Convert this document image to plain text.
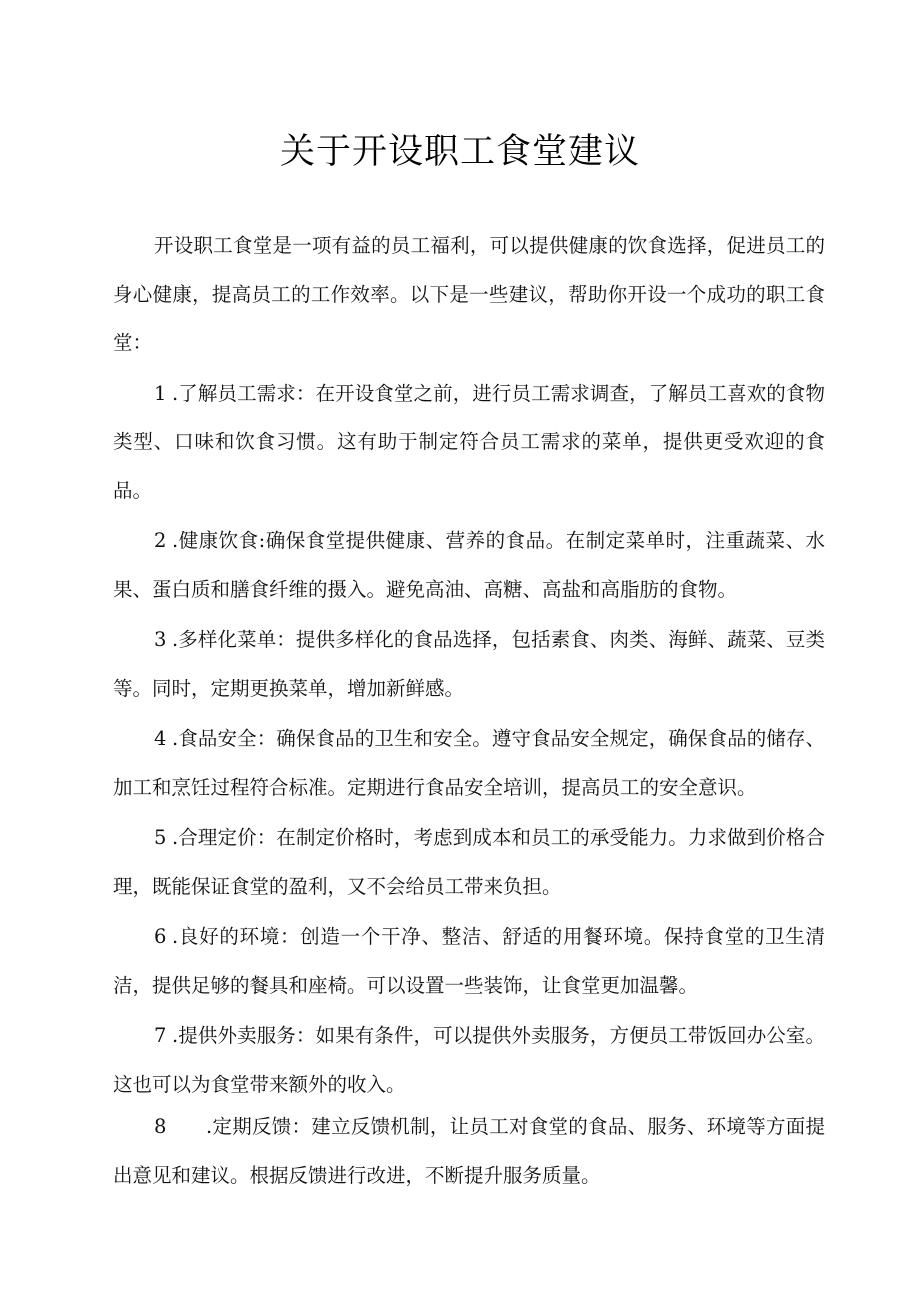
关于开设职工食堂建议

开设职工食堂是一项有益的员工福利，可以提供健康的饮食选择，促进员工的身心健康，提高员工的工作效率。以下是一些建议，帮助你开设一个成功的职工食堂：

1 .了解员工需求：在开设食堂之前，进行员工需求调查，了解员工喜欢的食物类型、口味和饮食习惯。这有助于制定符合员工需求的菜单，提供更受欢迎的食品。

2 .健康饮食:确保食堂提供健康、营养的食品。在制定菜单时，注重蔬菜、水果、蛋白质和膳食纤维的摄入。避免高油、高糖、高盐和高脂肪的食物。

3 .多样化菜单：提供多样化的食品选择，包括素食、肉类、海鲜、蔬菜、豆类等。同时，定期更换菜单，增加新鲜感。

4 .食品安全：确保食品的卫生和安全。遵守食品安全规定，确保食品的储存、加工和烹饪过程符合标准。定期进行食品安全培训，提高员工的安全意识。

5 .合理定价：在制定价格时，考虑到成本和员工的承受能力。力求做到价格合理，既能保证食堂的盈利，又不会给员工带来负担。

6 .良好的环境：创造一个干净、整洁、舒适的用餐环境。保持食堂的卫生清洁，提供足够的餐具和座椅。可以设置一些装饰，让食堂更加温馨。

7 .提供外卖服务：如果有条件，可以提供外卖服务，方便员工带饭回办公室。这也可以为食堂带来额外的收入。

8 .定期反馈：建立反馈机制，让员工对食堂的食品、服务、环境等方面提出意见和建议。根据反馈进行改进，不断提升服务质量。
